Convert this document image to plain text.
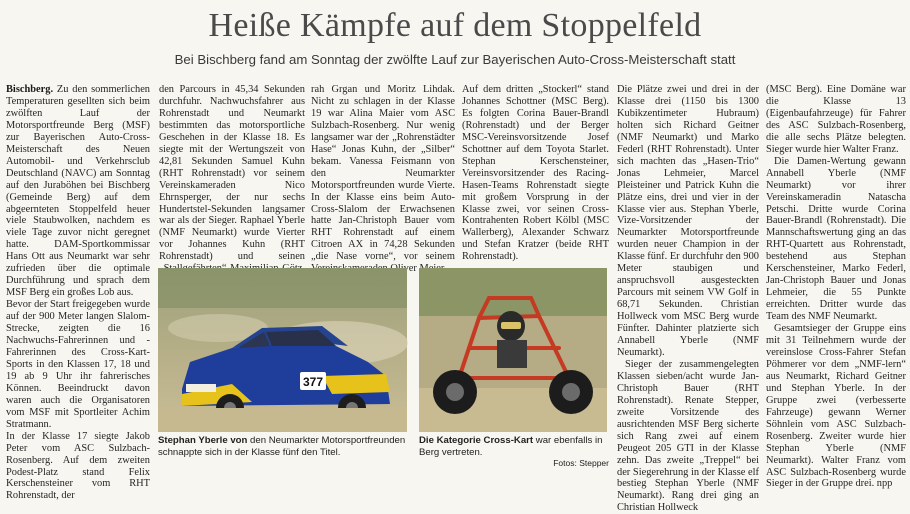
Heiße Kämpfe auf dem Stoppelfeld
Bei Bischberg fand am Sonntag der zwölfte Lauf zur Bayerischen Auto-Cross-Meisterschaft statt

Bischberg. Zu den sommerlichen Temperaturen gesellten sich beim zwölften Lauf der Motorsportfreunde Berg (MSF) zur Bayerischen Auto-Cross-Meisterschaft des Neuen Automobil- und Verkehrsclub Deutschland (NAVC) am Sonntag auf den Juraböhen bei Bischberg (Gemeinde Berg) auf dem abgeernteten Stoppelfeld heuer viele Staubwolken, nachdem es viele Tage zuvor nicht geregnet hatte. DAM-Sportkommissar Hans Ott aus Neumarkt war sehr zufrieden über die optimale Durchführung und sprach dem MSF Berg ein großes Lob aus.

Bevor der Start freigegeben wurde auf der 900 Meter langen Slalom-Strecke, zeigten die 16 Nachwuchs-Fahrerinnen und -Fahrerinnen des Cross-Kart-Sports in den Klassen 17, 18 und 19 ab 9 Uhr ihr fahrerisches Können. Beeindruckt davon waren auch die Organisatoren vom MSF mit Sportleiter Achim Stratmann.

In der Klasse 17 siegte Jakob Peter vom ASC Sulzbach-Rosenberg. Auf dem zweiten Podest-Platz stand Felix Kerschensteiner vom RHT Rohrenstadt, der

den Parcours in 45,34 Sekunden durchfuhr. Nachwuchsfahrer aus Rohrenstadt und Neumarkt bestimmten das motorsportliche Geschehen in der Klasse 18. Es siegte mit der Wertungszeit von 42,81 Sekunden Samuel Kuhn (RHT Rohrenstadt) vor seinem Vereinskameraden Nico Ehrnsperger, der nur sechs Hundertstel-Sekunden langsamer war als der Sieger. Raphael Yberle (NMF Neumarkt) wurde Vierter vor Johannes Kuhn (RHT Rohrenstadt) und seinen

rah Grgan und Moritz Lihdak. Nicht zu schlagen in der Klasse 19 war Alina Maier vom ASC Sulzbach-Rosenberg. Nur wenig langsamer war der „Rohrenstädter Hase“ Jonas Kuhn, der „Silber“ bekam. Vanessa Feismann von den Neumarkter Motorsportfreunden wurde Vierte. In der Klasse eins beim Auto-Cross-Slalom der Erwachsenen hatte Jan-Christoph Bauer vom RHT Rohrenstadt auf einem Citroen AX in 74,28 Sekunden „die Nase vorne“, vor seinem

Auf dem dritten „Stockerl“ stand Johannes Schottner (MSC Berg). Es folgten Corina Bauer-Brandl (Rohrenstadt) und der Berger MSC-Vereinsvorsitzende Josef Schottner auf dem Toyota Starlet. Stephan Kerschensteiner, Vereinsvorsitzender des Racing-Hasen-Teams Rohrenstadt siegte mit großem Vorsprung in der Klasse zwei, vor seinen Cross-Kontrahenten Robert Kölbl (MSC Wallerberg), Alexander Schwarz und Stefan Kratzer (beide RHT Rohrenstadt).

Die Plätze zwei und drei in der Klasse drei (1150 bis 1300 Kubikzentimeter Hubraum) holten sich Richard Geitner (NMF Neumarkt) und Marko Federl (RHT Rohrenstadt). Unter sich machten das „Hasen-Trio“ Jonas Lehmeier, Marcel Pleisteiner und Patrick Kuhn die Plätze eins, drei und vier in der Klasse vier aus. Stephan Yberle, Vize-Vorsitzender der Neumarkter Motorsportfreunde wurden neuer Champion in der Klasse fünf. Er durchfuhr den 900 Meter staubigen und anspruchsvoll ausgesteckten Parcours mit seinem VW Golf in 68,71 Sekunden. Christian Hollweck vom MSC Berg wurde Fünfter. Dahinter platzierte sich Annabell Yberle (NMF Neumarkt).

Sieger der zusammengelegten Klassen sieben/acht wurde Jan-Christoph Bauer (RHT Rohrenstadt). Renate Stepper, zweite Vorsitzende des ausrichtenden MSF Berg sicherte sich Rang zwei auf einem Peugeot 205 GTI in der Klasse zehn. Das zweite „Treppel“ bei der Siegerehrung in der Klasse elf bestieg Stephan Yberle (NMF Neumarkt). Rang drei ging an Christian Hollweck

(MSC Berg). Eine Domäne war die Klasse 13 (Eigenbaufahrzeuge) für Fahrer des ASC Sulzbach-Rosenberg, die alle sechs Plätze belegten. Sieger wurde hier Walter Franz.

Die Damen-Wertung gewann Annabell Yberle (NMF Neumarkt) vor ihrer Vereinskameradin Natascha Petschi. Dritte wurde Corina Bauer-Brandl (Rohrenstadt). Die Mannschaftswertung ging an das RHT-Quartett aus Rohrenstadt, bestehend aus Stephan Kerschensteiner, Marko Federl, Jan-Christoph Bauer und Jonas Lehmeier, die 55 Punkte erreichten. Dritter wurde das Team des NMF Neumarkt.

Gesamtsieger der Gruppe eins mit 31 Teilnehmern wurde der vereinslose Cross-Fahrer Stefan Pöhmerer vor dem „NMF-lern“ aus Neumarkt, Richard Geitner und Stephan Yberle. In der Gruppe zwei (verbesserte Fahrzeuge) gewann Werner Söhnlein vom ASC Sulzbach-Rosenberg. Zweiter wurde hier Stephan Yberle (NMF Neumarkt). Walter Franz vom ASC Sulzbach-Rosenberg wurde Sieger in der Gruppe drei. npp

377
Stephan Yberle von den Neumarkter Motorsportfreunden schnappte sich in der Klasse fünf den Titel.
Die Kategorie Cross-Kart war ebenfalls in Berg vertreten.
Fotos: Stepper
